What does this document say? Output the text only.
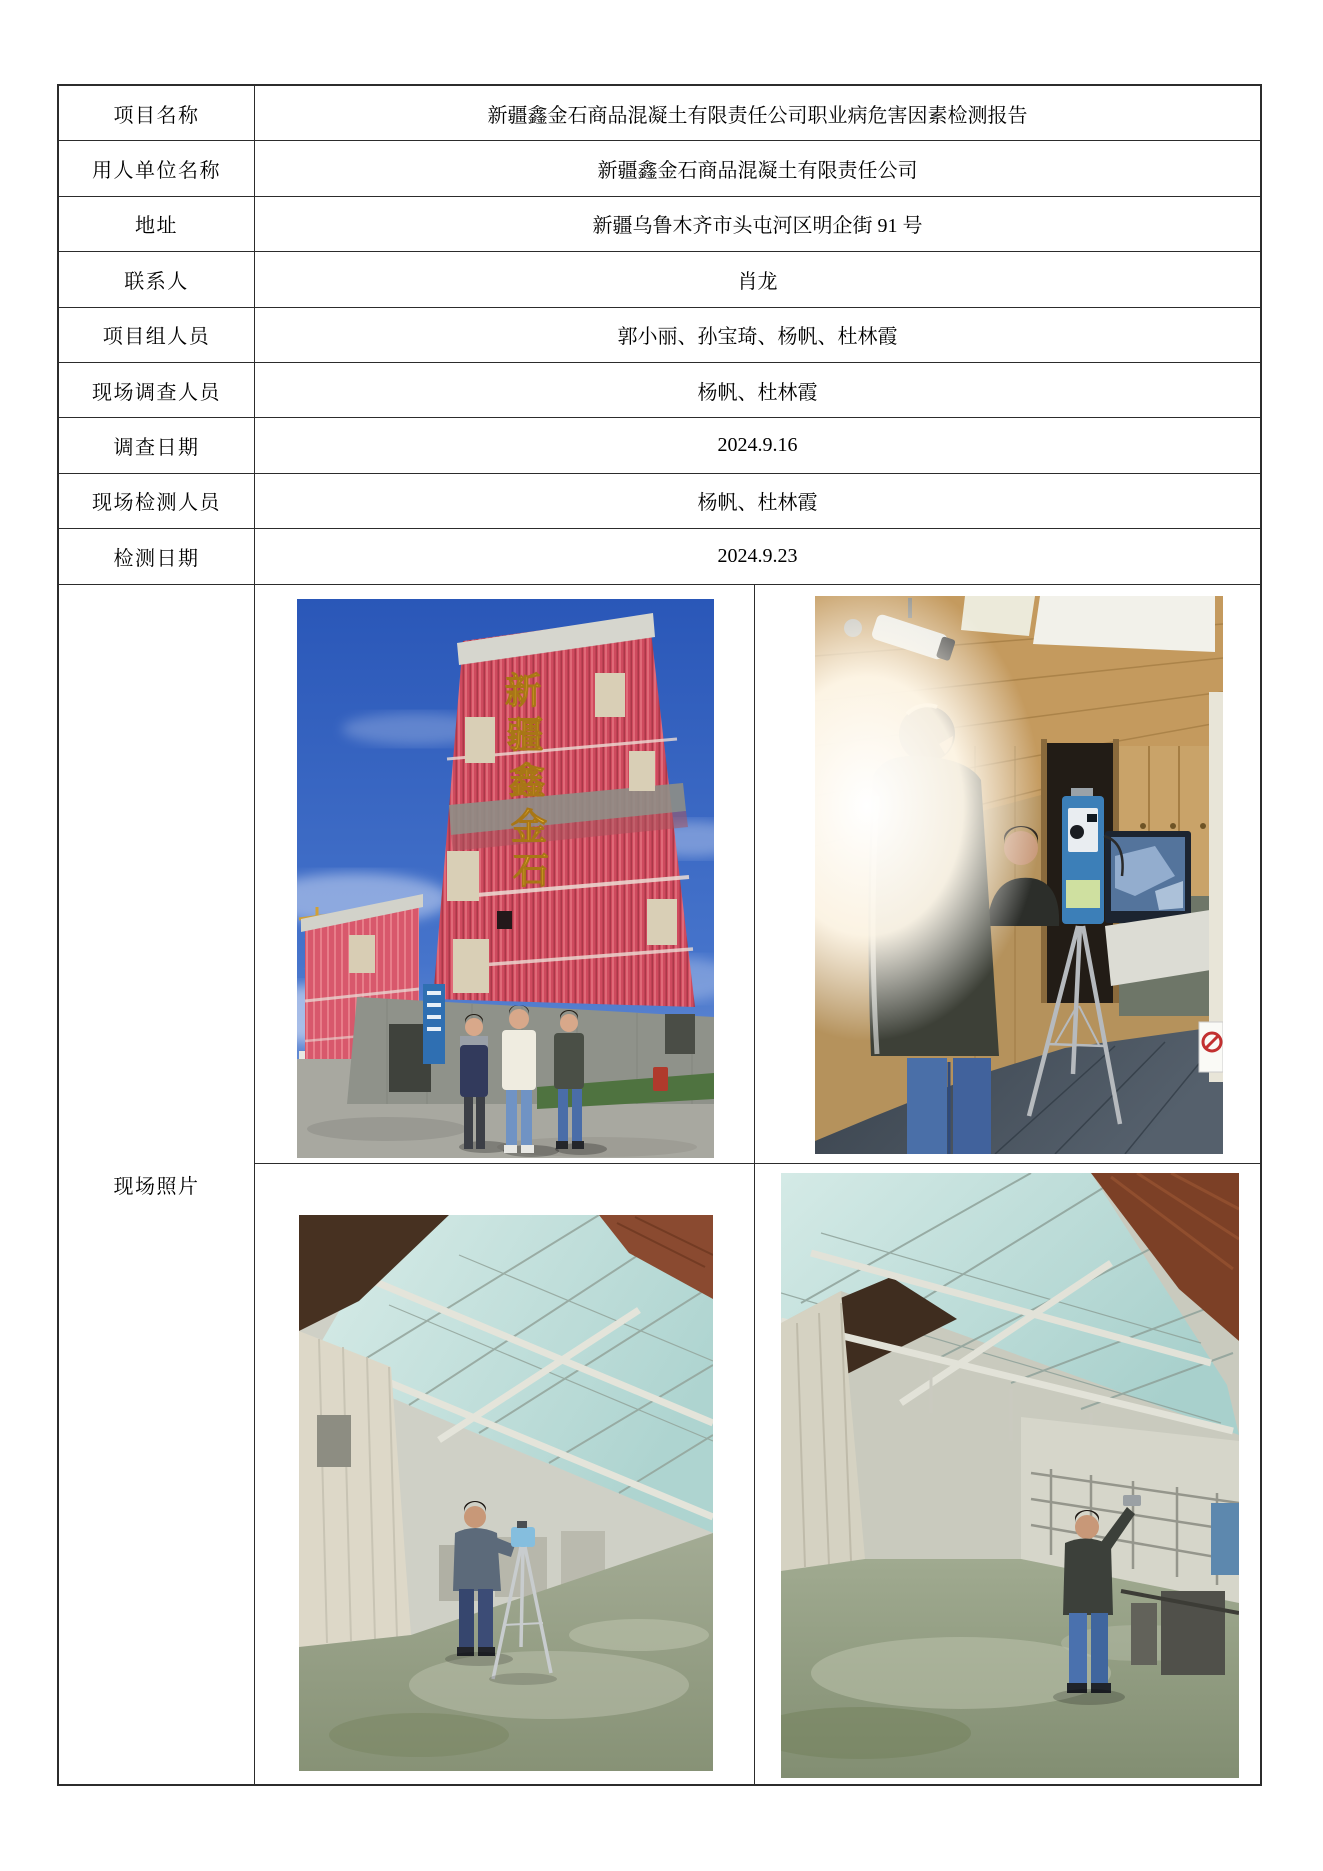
项目名称	新疆鑫金石商品混凝土有限责任公司职业病危害因素检测报告
用人单位名称	新疆鑫金石商品混凝土有限责任公司
地址	新疆乌鲁木齐市头屯河区明企街 91 号
联系人	肖龙
项目组人员	郭小丽、孙宝琦、杨帆、杜林霞
现场调查人员	杨帆、杜林霞
调查日期	2024.9.16
现场检测人员	杨帆、杜林霞
检测日期	2024.9.23
现场照片
新
疆
鑫
金
石
